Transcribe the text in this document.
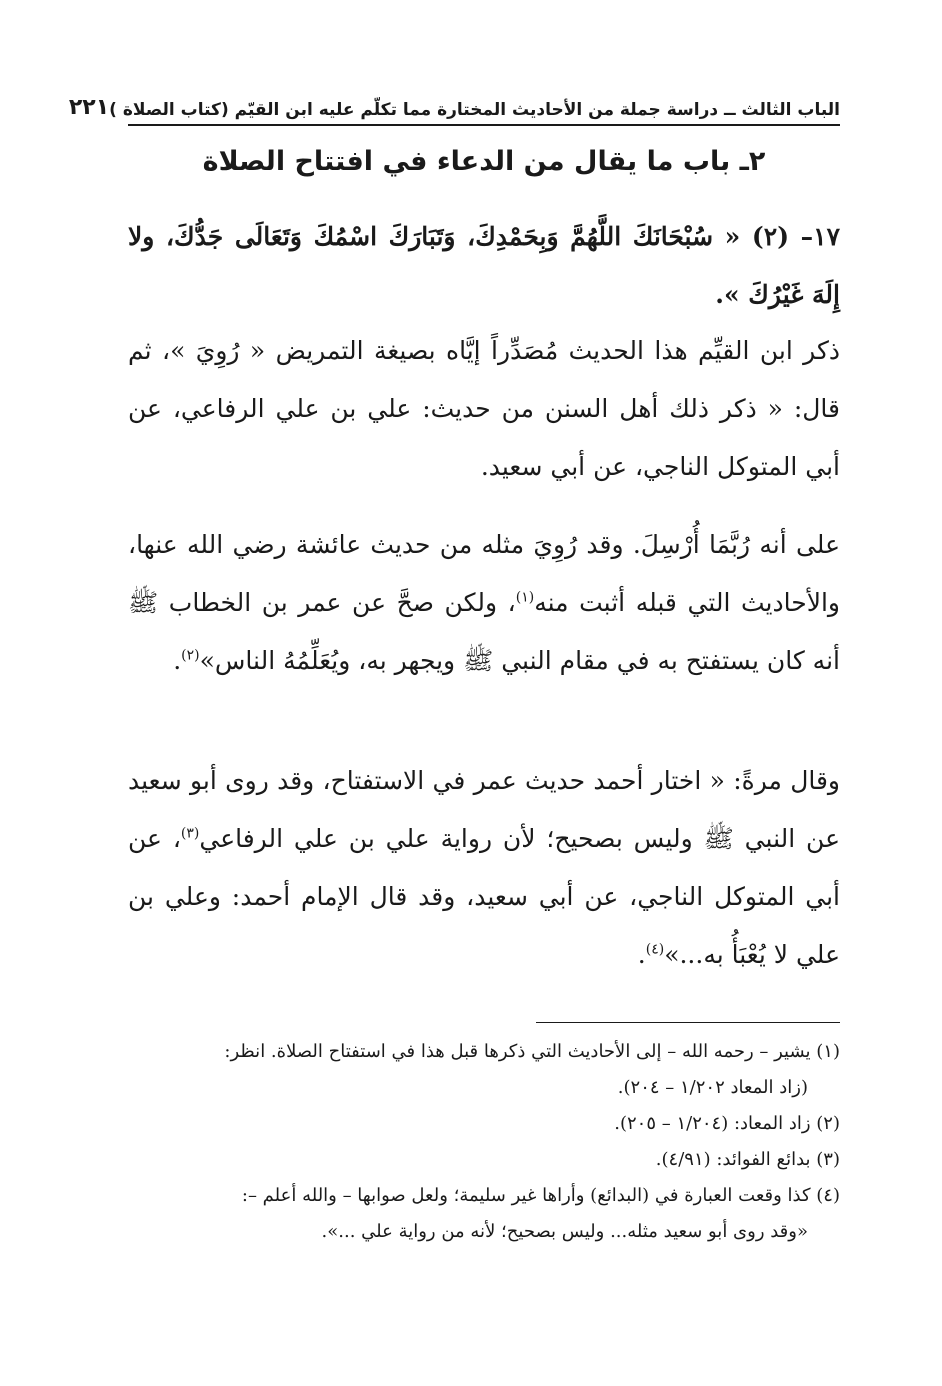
الباب الثالث ــ دراسة جملة من الأحاديث المختارة مما تكلّم عليه ابن القيّم (كتاب الصلاة )
٢٢١
٢ـ باب ما يقال من الدعاء في افتتاح الصلاة

١٧– (٢) « سُبْحَانَكَ اللَّهُمَّ وَبِحَمْدِكَ، وَتَبَارَكَ اسْمُكَ وَتَعَالَى جَدُّكَ، ولا إِلَهَ غَيْرُكَ ».

ذكر ابن القيِّم هذا الحديث مُصَدِّراً إيَّاه بصيغة التمريض « رُوِيَ »، ثم قال: « ذكر ذلك أهل السنن من حديث: علي بن علي الرفاعي، عن أبي المتوكل الناجي، عن أبي سعيد.

على أنه رُبَّمَا أُرْسِلَ. وقد رُوِيَ مثله من حديث عائشة رضي الله عنها، والأحاديث التي قبله أثبت منه$^{(١)}$، ولكن صحَّ عن عمر بن الخطاب ﷺ أنه كان يستفتح به في مقام النبي ﷺ ويجهر به، ويُعَلِّمُهُ الناس»$^{(٢)}$.

وقال مرةً: « اختار أحمد حديث عمر في الاستفتاح، وقد روى أبو سعيد عن النبي ﷺ وليس بصحيح؛ لأن رواية علي بن علي الرفاعي$^{(٣)}$، عن أبي المتوكل الناجي، عن أبي سعيد، وقد قال الإمام أحمد: وعلي بن علي لا يُعْبَأُ به...»$^{(٤)}$.

(١) يشير – رحمه الله – إلى الأحاديث التي ذكرها قبل هذا في استفتاح الصلاة. انظر:
(زاد المعاد ١/٢٠٢ – ٢٠٤).

(٢) زاد المعاد: (١/٢٠٤ – ٢٠٥).

(٣) بدائع الفوائد: (٤/٩١).

(٤) كذا وقعت العبارة في (البدائع) وأراها غير سليمة؛ ولعل صوابها – والله أعلم –:
«وقد روى أبو سعيد مثله... وليس بصحيح؛ لأنه من رواية علي ...».
